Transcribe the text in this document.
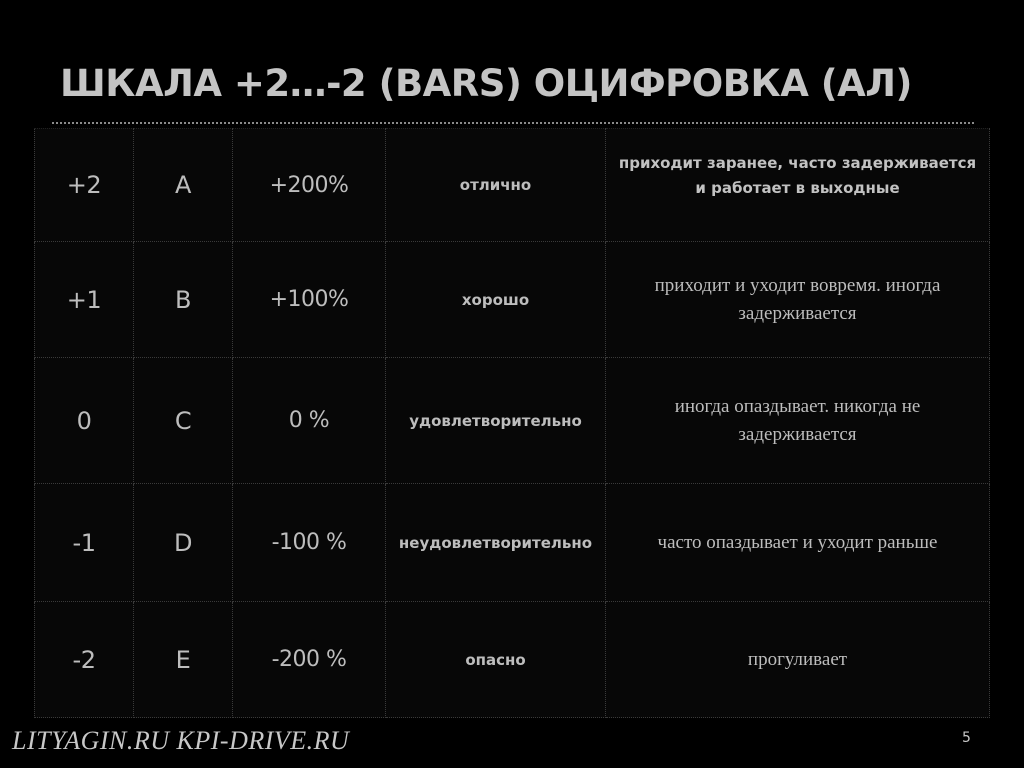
ШКАЛА +2…-2 (BARS) ОЦИФРОВКА (АЛ)
+2	A	+200%	отлично	приходит заранее, часто задерживается и работает в выходные
+1	B	+100%	хорошо	приходит и уходит вовремя. иногда задерживается
0	C	0 %	удовлетворительно	иногда опаздывает. никогда не задерживается
-1	D	-100 %	неудовлетворительно	часто опаздывает и уходит раньше
-2	E	-200 %	опасно	прогуливает
LITYAGIN.RU KPI-DRIVE.RU	5
